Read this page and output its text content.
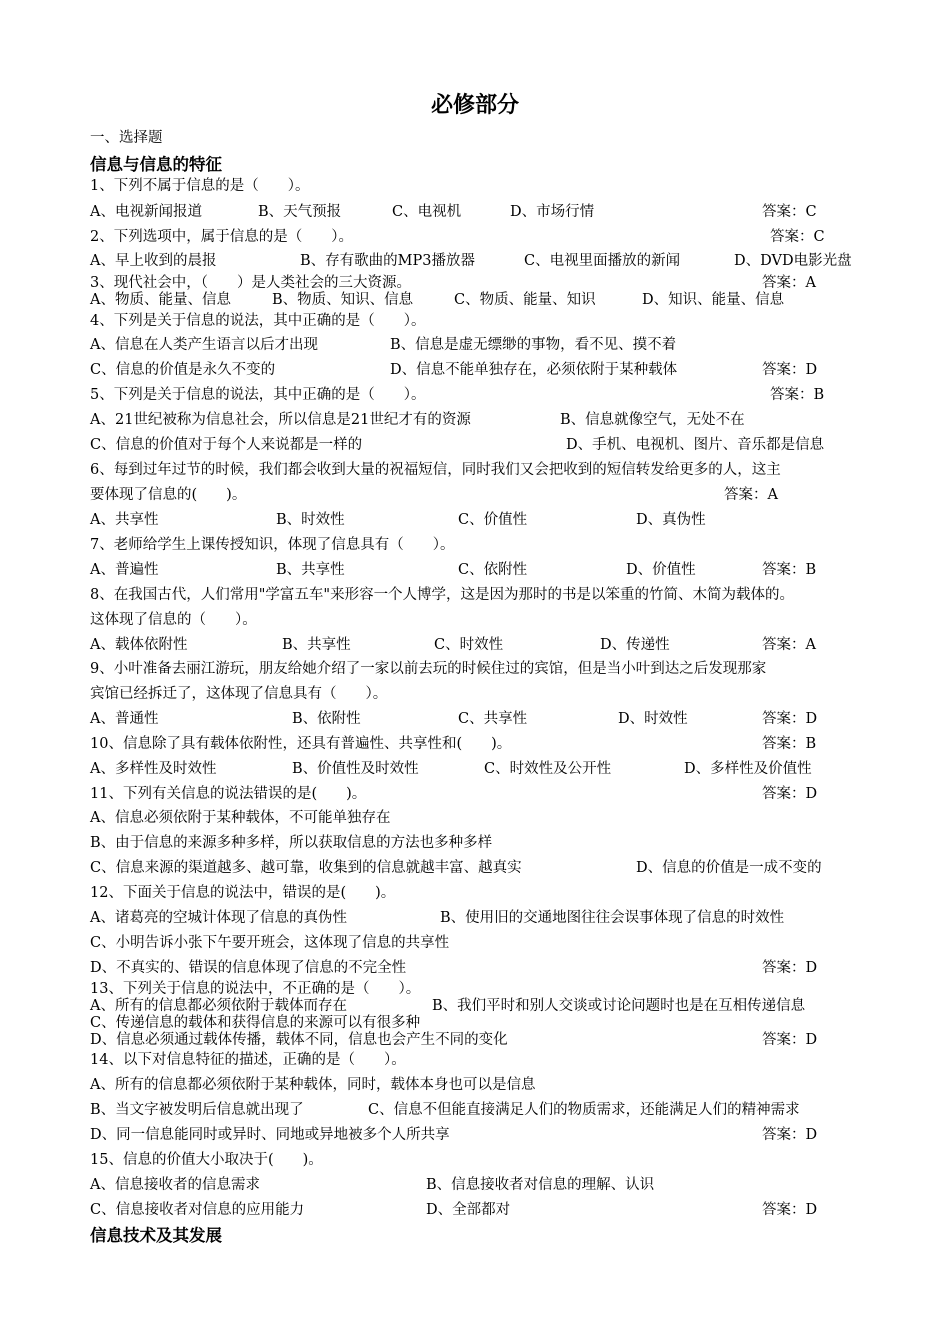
必修部分
一、选择题
信息与信息的特征
信息技术及其发展
1、下列不属于信息的是（　　）。
A、电视新闻报道	B、天气预报	C、电视机	D、市场行情	答案：C
2、下列选项中，属于信息的是（　　）。	答案：C
A、早上收到的晨报	B、存有歌曲的MP3播放器	C、电视里面播放的新闻	D、DVD电影光盘
3、现代社会中，（　　）是人类社会的三大资源。	答案：A
A、物质、能量、信息	B、物质、知识、信息	C、物质、能量、知识	D、知识、能量、信息
4、下列是关于信息的说法，其中正确的是（　　）。
A、信息在人类产生语言以后才出现	B、信息是虚无缥缈的事物，看不见、摸不着
C、信息的价值是永久不变的	D、信息不能单独存在，必须依附于某种载体	答案：D
5、下列是关于信息的说法，其中正确的是（　　）。	答案：B
A、21世纪被称为信息社会，所以信息是21世纪才有的资源	B、信息就像空气，无处不在
C、信息的价值对于每个人来说都是一样的	D、手机、电视机、图片、音乐都是信息
6、每到过年过节的时候，我们都会收到大量的祝福短信，同时我们又会把收到的短信转发给更多的人，这主
要体现了信息的(　　)。	答案：A
A、共享性	B、时效性	C、价值性	D、真伪性
7、老师给学生上课传授知识，体现了信息具有（　　）。
A、普遍性	B、共享性	C、依附性	D、价值性	答案：B
8、在我国古代，人们常用"学富五车"来形容一个人博学，这是因为那时的书是以笨重的竹简、木简为载体的。
这体现了信息的（　　）。
A、载体依附性	B、共享性	C、时效性	D、传递性	答案：A
9、小叶准备去丽江游玩，朋友给她介绍了一家以前去玩的时候住过的宾馆，但是当小叶到达之后发现那家
宾馆已经拆迁了，这体现了信息具有（　　）。
A、普通性	B、依附性	C、共享性	D、时效性	答案：D
10、信息除了具有载体依附性，还具有普遍性、共享性和(　　)。	答案：B
A、多样性及时效性	B、价值性及时效性	C、时效性及公开性	D、多样性及价值性
11、下列有关信息的说法错误的是(　　)。	答案：D
A、信息必须依附于某种载体，不可能单独存在
B、由于信息的来源多种多样，所以获取信息的方法也多种多样
C、信息来源的渠道越多、越可靠，收集到的信息就越丰富、越真实	D、信息的价值是一成不变的
12、下面关于信息的说法中，错误的是(　　)。
A、诸葛亮的空城计体现了信息的真伪性	B、使用旧的交通地图往往会误事体现了信息的时效性
C、小明告诉小张下午要开班会，这体现了信息的共享性
D、不真实的、错误的信息体现了信息的不完全性	答案：D
13、下列关于信息的说法中，不正确的是（　　）。
A、所有的信息都必须依附于载体而存在	B、我们平时和别人交谈或讨论问题时也是在互相传递信息
C、传递信息的载体和获得信息的来源可以有很多种
D、信息必须通过载体传播，载体不同，信息也会产生不同的变化	答案：D
14、以下对信息特征的描述，正确的是（　　）。
A、所有的信息都必须依附于某种载体，同时，载体本身也可以是信息
B、当文字被发明后信息就出现了	C、信息不但能直接满足人们的物质需求，还能满足人们的精神需求
D、同一信息能同时或异时、同地或异地被多个人所共享	答案：D
15、信息的价值大小取决于(　　)。
A、信息接收者的信息需求	B、信息接收者对信息的理解、认识
C、信息接收者对信息的应用能力	D、全部都对	答案：D
